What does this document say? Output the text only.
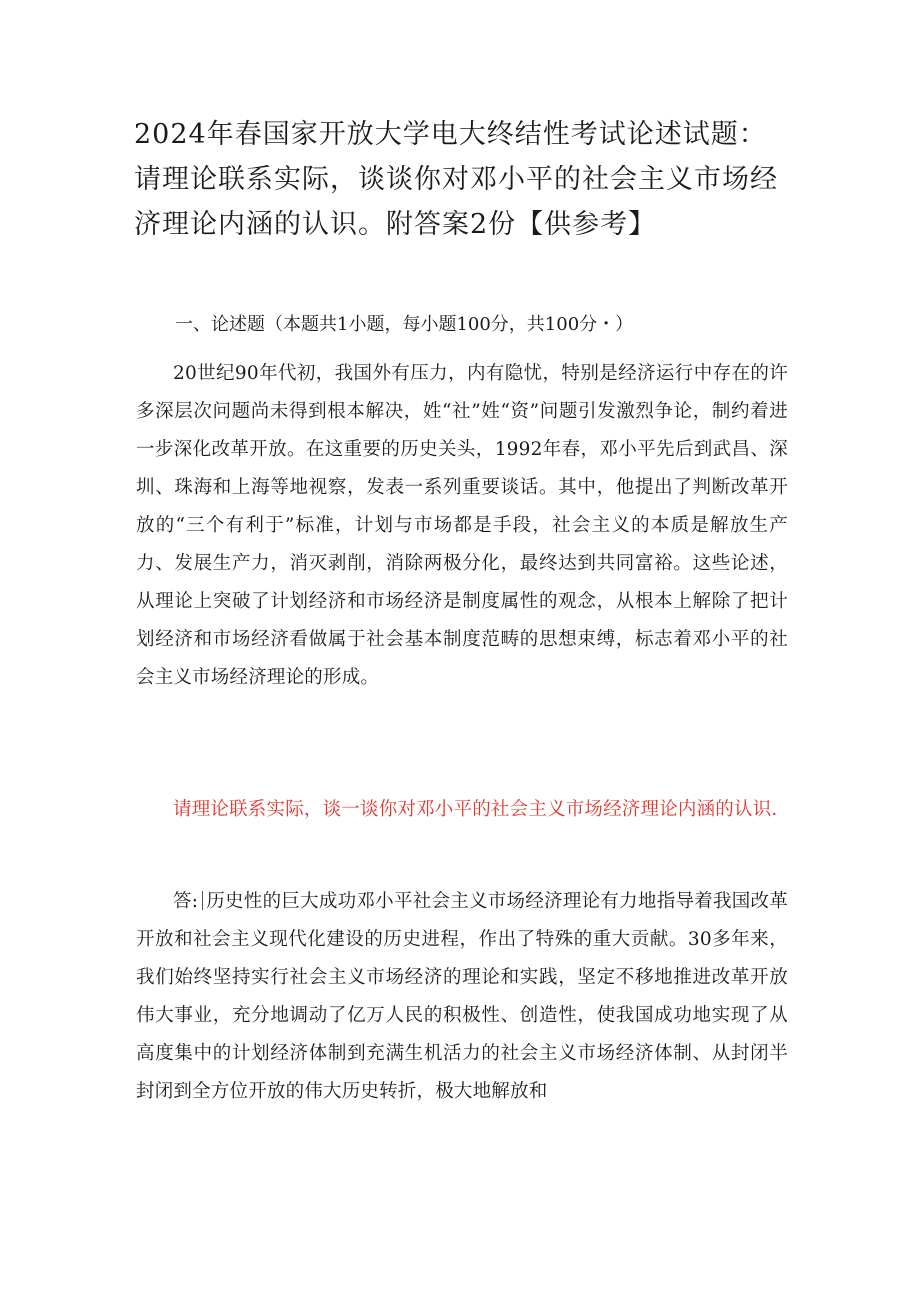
2024年春国家开放大学电大终结性考试论述试题：请理论联系实际，谈谈你对邓小平的社会主义市场经济理论内涵的认识。附答案2份【供参考】

一、论述题（本题共1小题，每小题100分，共100分・）

20世纪90年代初，我国外有压力，内有隐忧，特别是经济运行中存在的许多深层次问题尚未得到根本解决，姓“社”姓“资”问题引发激烈争论，制约着进一步深化改革开放。在这重要的历史关头，1992年春，邓小平先后到武昌、深圳、珠海和上海等地视察，发表一系列重要谈话。其中，他提出了判断改革开放的“三个有利于”标准，计划与市场都是手段，社会主义的本质是解放生产力、发展生产力，消灭剥削，消除两极分化，最终达到共同富裕。这些论述，从理论上突破了计划经济和市场经济是制度属性的观念，从根本上解除了把计划经济和市场经济看做属于社会基本制度范畴的思想束缚，标志着邓小平的社会主义市场经济理论的形成。

请理论联系实际，谈一谈你对邓小平的社会主义市场经济理论内涵的认识.

答: 历史性的巨大成功邓小平社会主义市场经济理论有力地指导着我国改革开放和社会主义现代化建设的历史进程，作出了特殊的重大贡献。30多年来，我们始终坚持实行社会主义市场经济的理论和实践，坚定不移地推进改革开放伟大事业，充分地调动了亿万人民的积极性、创造性，使我国成功地实现了从高度集中的计划经济体制到充满生机活力的社会主义市场经济体制、从封闭半封闭到全方位开放的伟大历史转折，极大地解放和
